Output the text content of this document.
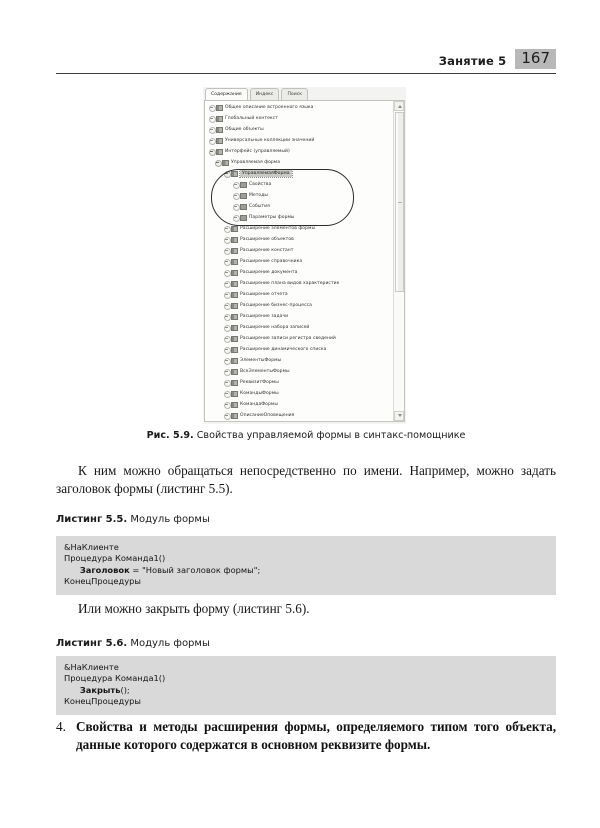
Занятие 5	167
Содержание	Индекс	Поиск
Общее описание встроенного языка
Глобальный контекст
Общие объекты
Универсальные коллекции значений
Интерфейс (управляемый)
Управляемая форма
УправляемаяФорма
Свойства
Методы
События
Параметры формы
Расширение элементов формы
Расширение объектов
Расширение констант
Расширение справочника
Расширение документа
Расширение плана видов характеристик
Расширение отчета
Расширение бизнес-процесса
Расширение задачи
Расширение набора записей
Расширение записи регистра сведений
Расширение динамического списка
ЭлементыФормы
ВсеЭлементыФормы
РеквизитФормы
КомандыФормы
КомандаФормы
ОписаниеОповещения
Рис. 5.9. Свойства управляемой формы в синтакс-помощнике
К ним можно обращаться непосредственно по имени. Например, можно задать заголовок формы (листинг 5.5).
Листинг 5.5. Модуль формы
&НаКлиенте
Процедура Команда1()
Заголовок = "Новый заголовок формы";
КонецПроцедуры
Или можно закрыть форму (листинг 5.6).
Листинг 5.6. Модуль формы
&НаКлиенте
Процедура Команда1()
Закрыть();
КонецПроцедуры
4. Свойства и методы расширения формы, определяемого типом того объекта, данные которого содержатся в основном реквизите формы.
